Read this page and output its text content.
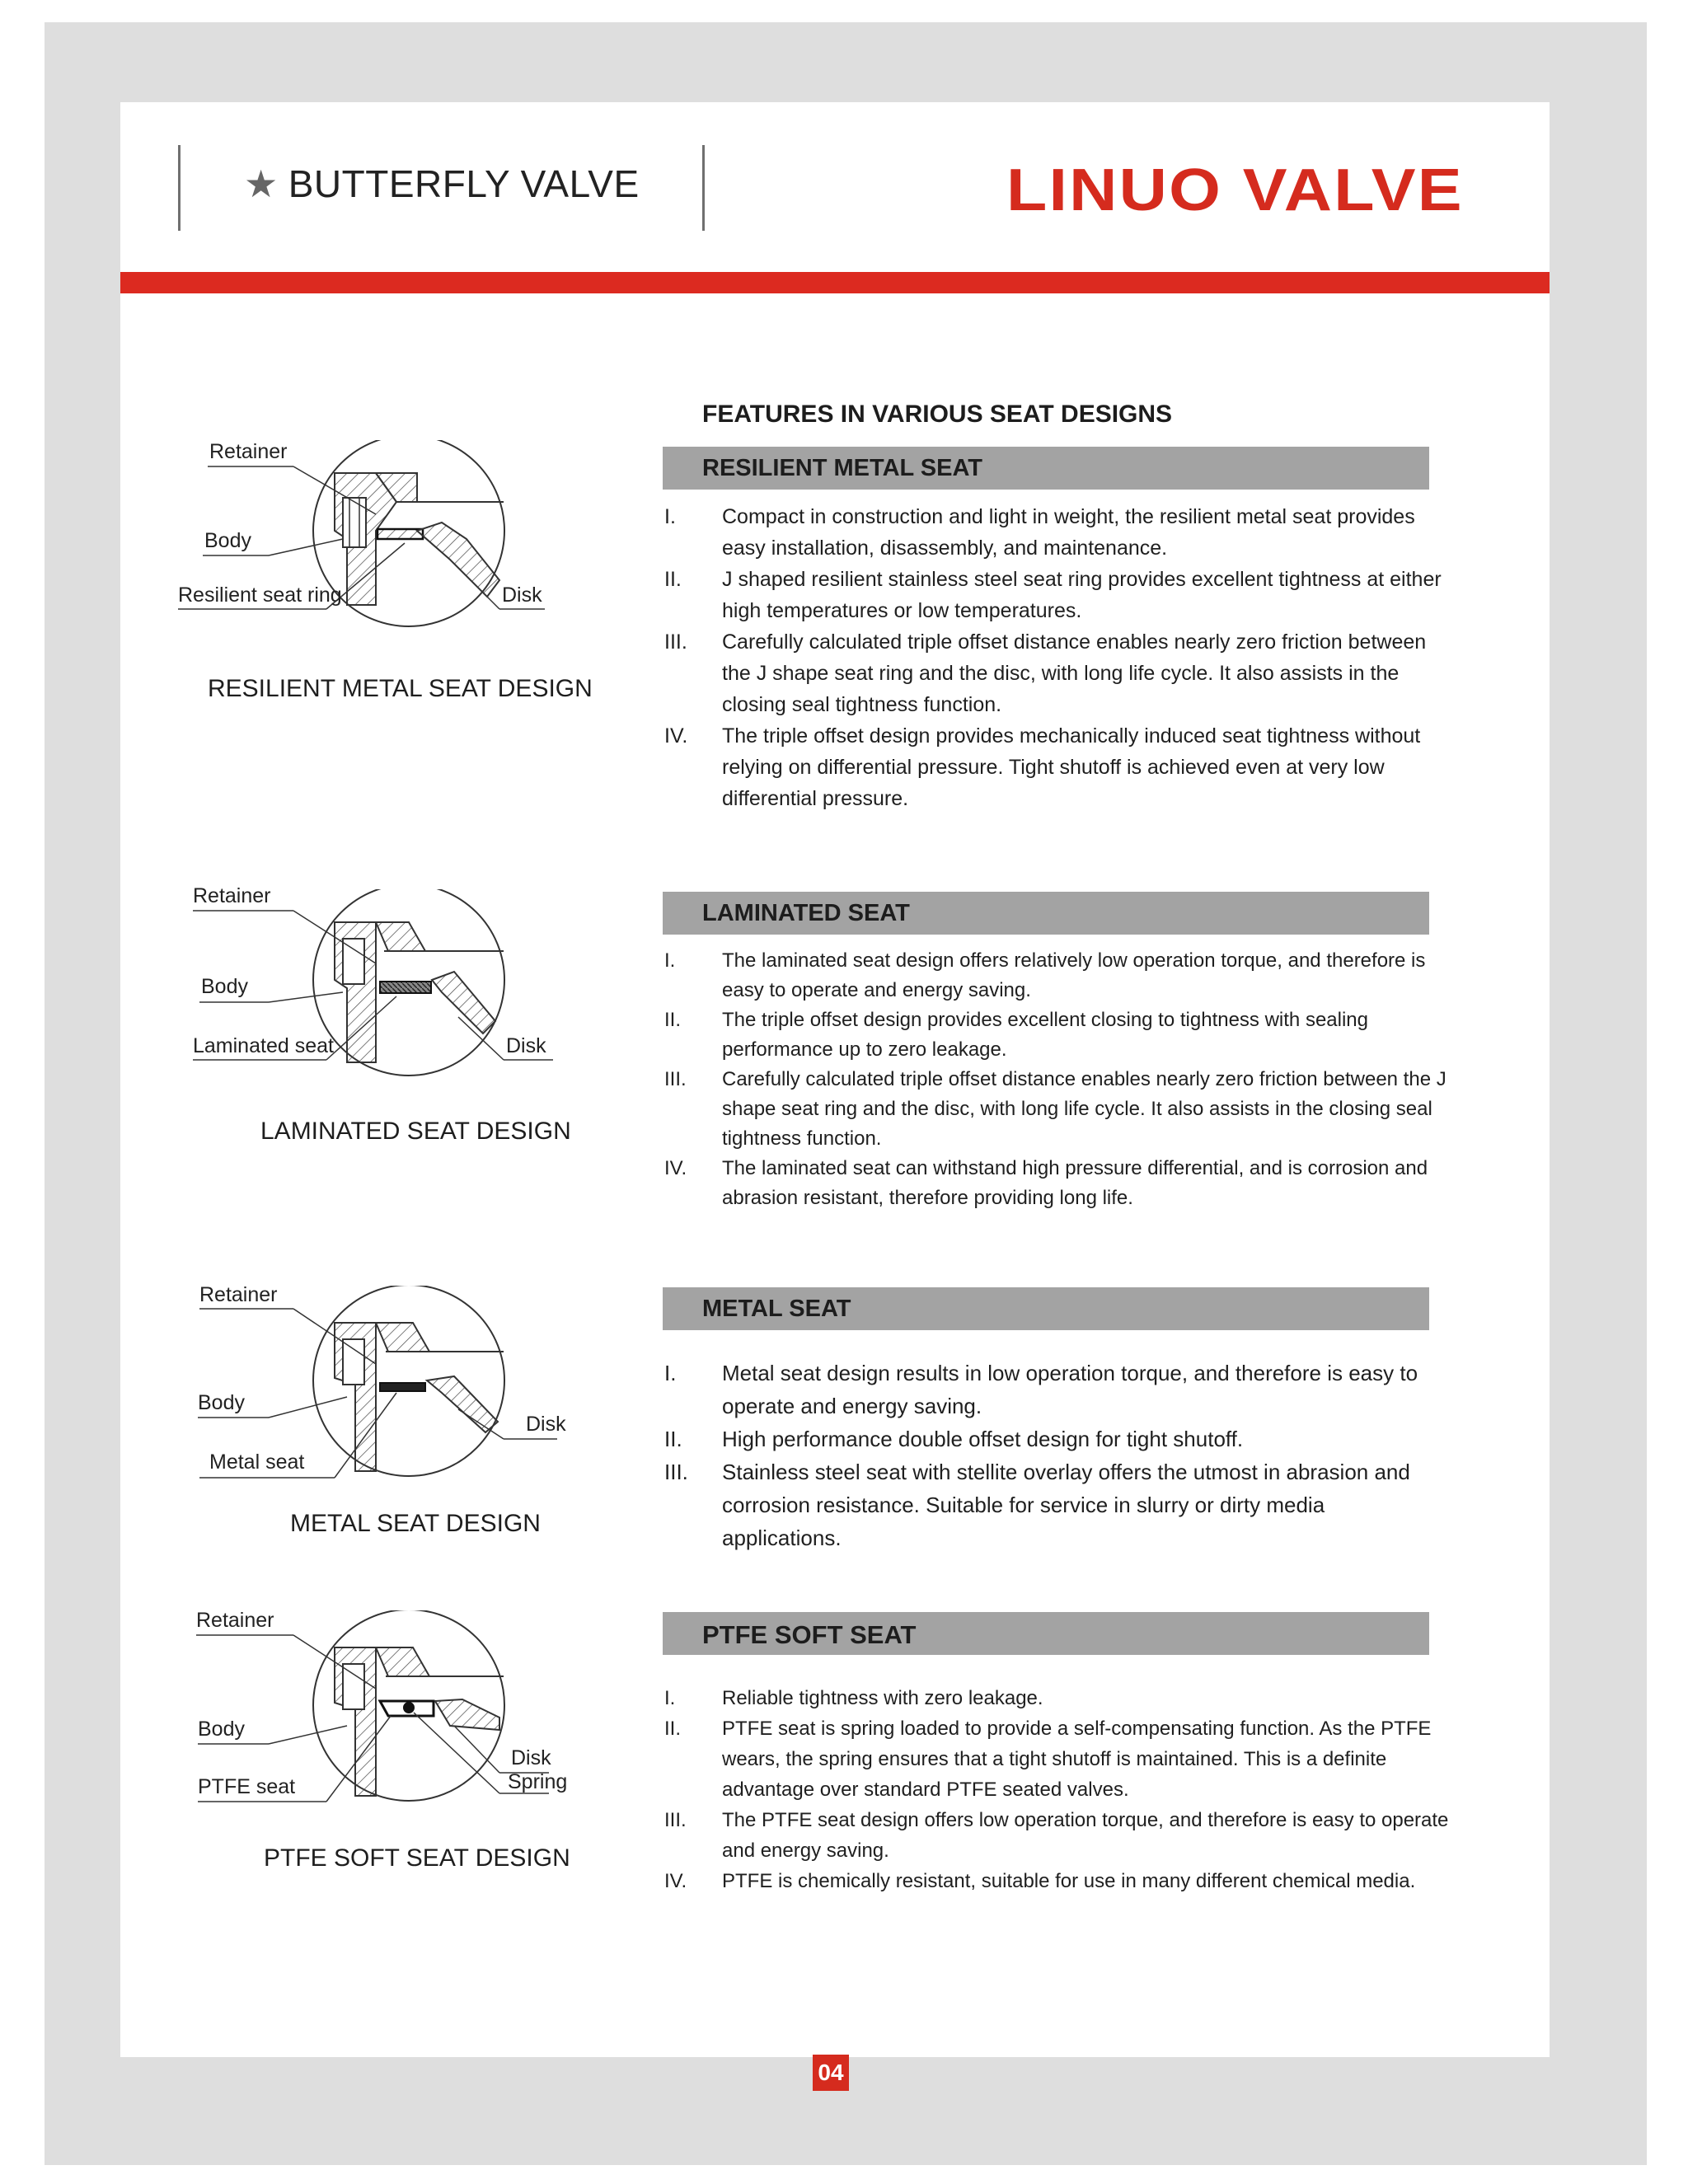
★ BUTTERFLY VALVE	LINUO VALVE
FEATURES IN VARIOUS SEAT DESIGNS
RESILIENT METAL SEAT
I. Compact in construction and light in weight, the resilient metal seat provides easy installation, disassembly, and maintenance.
II. J shaped resilient stainless steel seat ring provides excellent tightness at either high temperatures or low temperatures.
III. Carefully calculated triple offset distance enables nearly zero friction between the J shape seat ring and the disc, with long life cycle. It also assists in the closing seal tightness function.
IV. The triple offset design provides mechanically induced seat tightness without relying on differential pressure. Tight shutoff is achieved even at very low differential pressure.
Retainer
Body
Resilient seat ring	Disk
RESILIENT METAL SEAT DESIGN
LAMINATED SEAT
I. The laminated seat design offers relatively low operation torque, and therefore is easy to operate and energy saving.
II. The triple offset design provides excellent closing to tightness with sealing performance up to zero leakage.
III. Carefully calculated triple offset distance enables nearly zero friction between the J shape seat ring and the disc, with long life cycle. It also assists in the closing seal tightness function.
IV. The laminated seat can withstand high pressure differential, and is corrosion and abrasion resistant, therefore providing long life.
Retainer
Body
Laminated seat	Disk
LAMINATED SEAT DESIGN
METAL SEAT
I. Metal seat design results in low operation torque, and therefore is easy to operate and energy saving.
II. High performance double offset design for tight shutoff.
III. Stainless steel seat with stellite overlay offers the utmost in abrasion and corrosion resistance. Suitable for service in slurry or dirty media applications.
Retainer
Body
Metal seat
Disk
METAL SEAT DESIGN
PTFE SOFT SEAT
I. Reliable tightness with zero leakage.
II. PTFE seat is spring loaded to provide a self-compensating function. As the PTFE wears, the spring ensures that a tight shutoff is maintained. This is a definite advantage over standard PTFE seated valves.
III. The PTFE seat design offers low operation torque, and therefore is easy to operate and energy saving.
IV. PTFE is chemically resistant, suitable for use in many different chemical media.
Retainer
Body
PTFE seat
Disk
Spring
PTFE SOFT SEAT DESIGN
04
